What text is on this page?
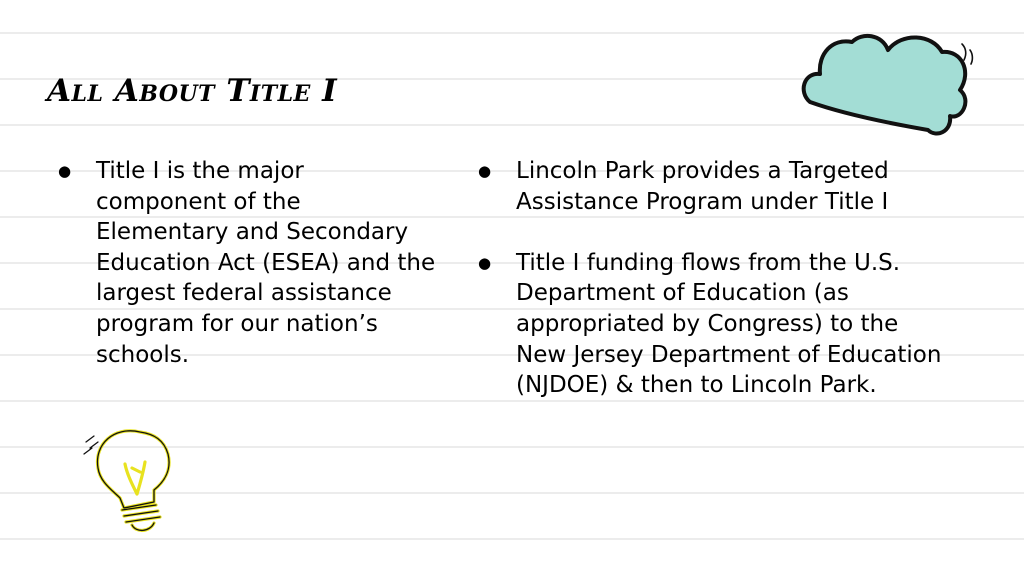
All About Title I
●	Title I is the major component of the Elementary and Secondary Education Act (ESEA) and the largest federal assistance program for our nation’s schools.
●	Lincoln Park provides a Targeted Assistance Program under Title I
●	Title I funding flows from the U.S. Department of Education (as appropriated by Congress) to the New Jersey Department of Education (NJDOE) & then to Lincoln Park.
